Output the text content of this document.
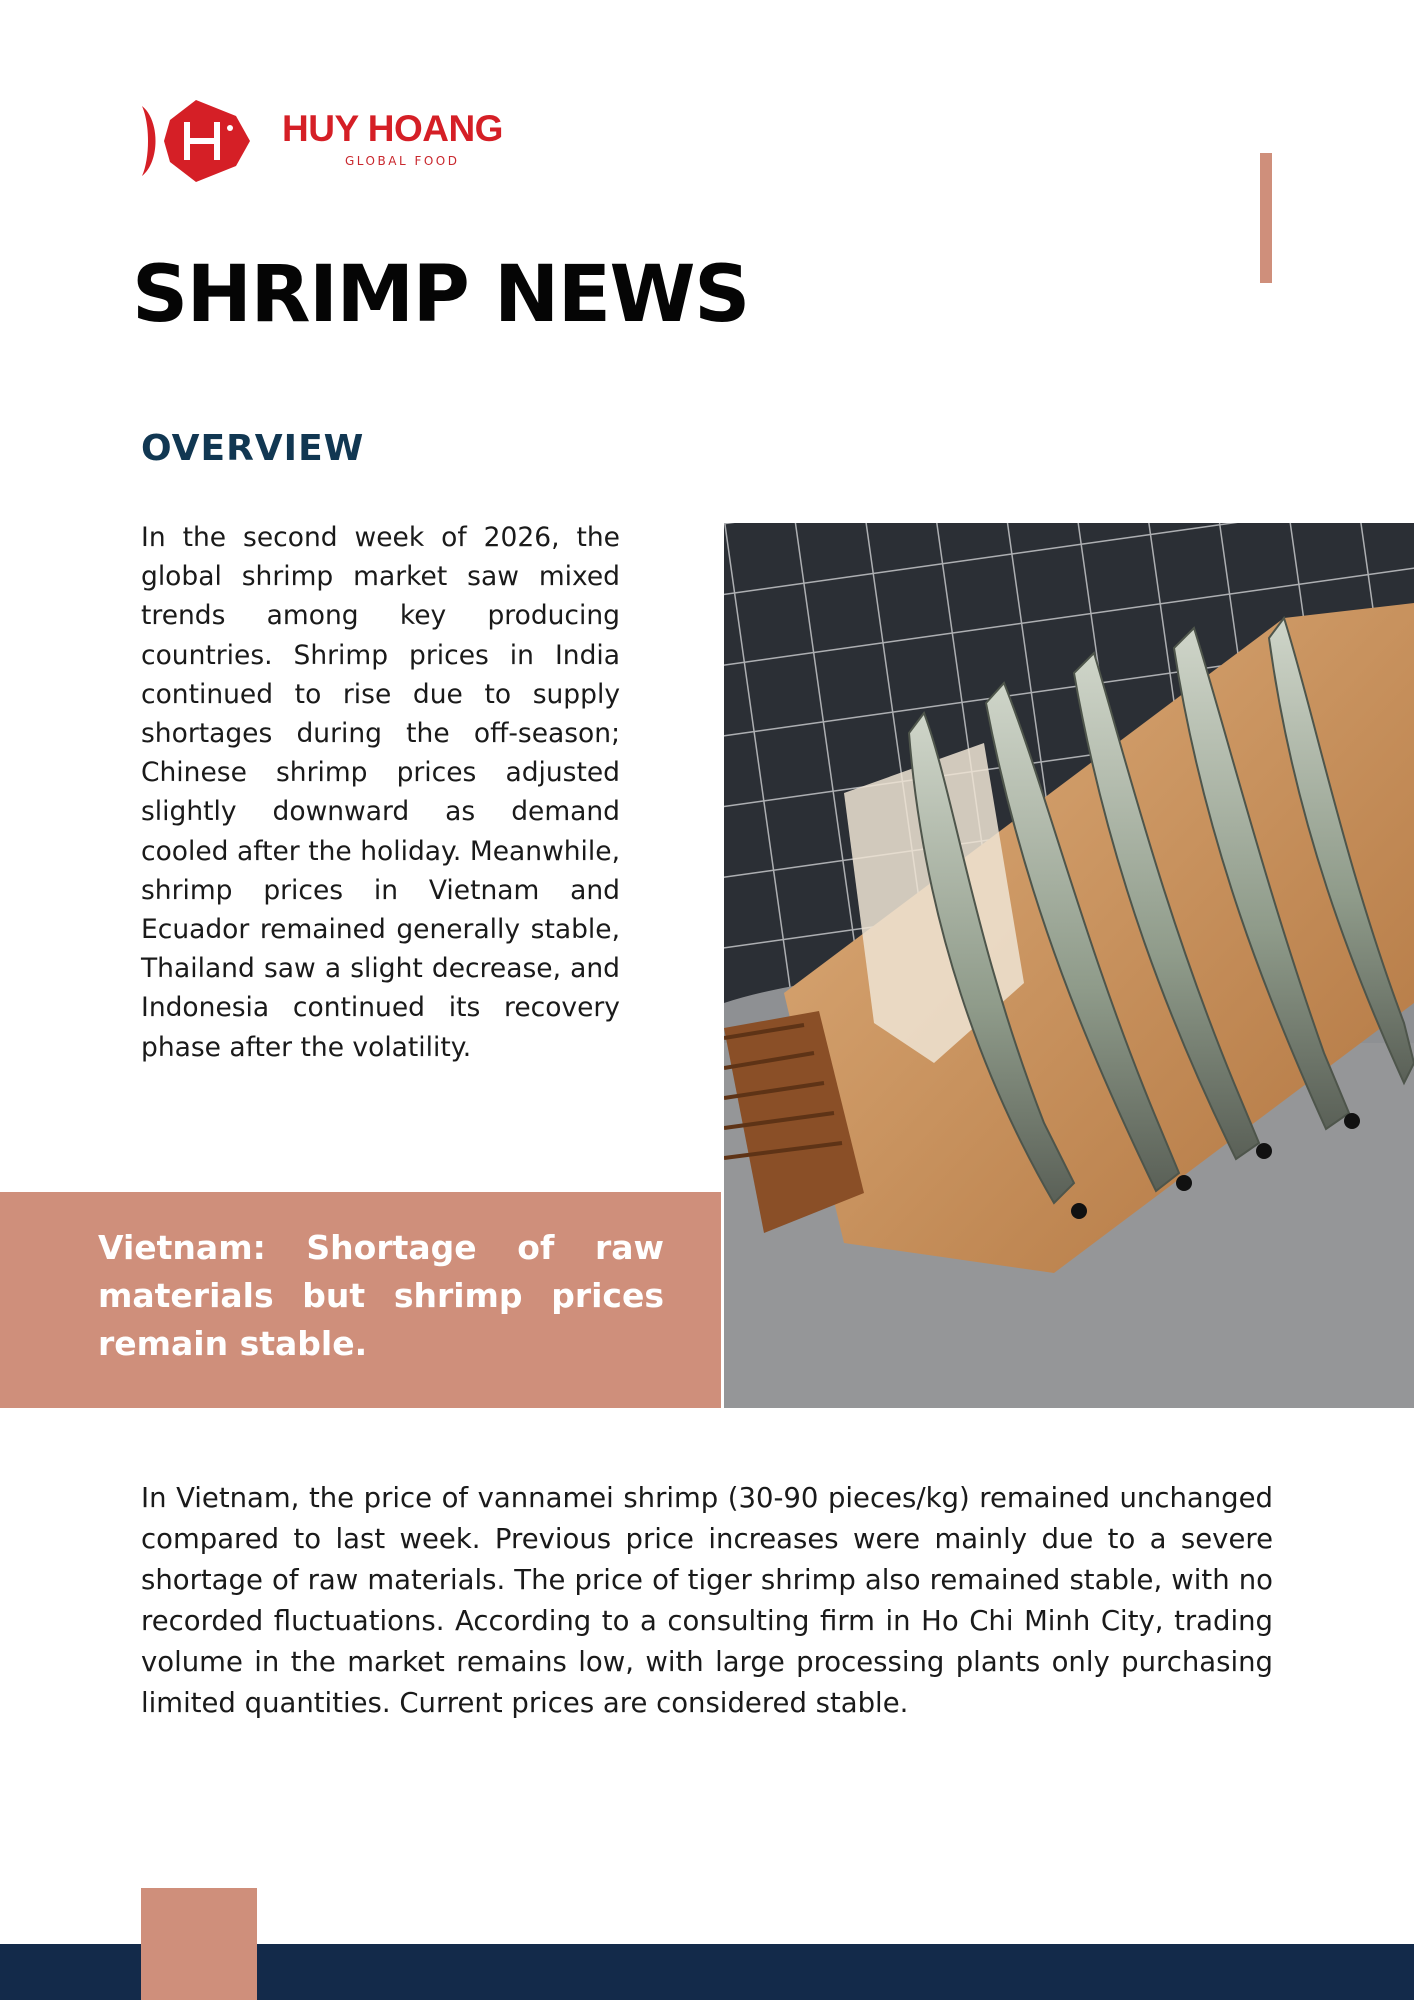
HUY HOANG
GLOBAL FOOD
SHRIMP NEWS
OVERVIEW

In the second week of 2026, the global shrimp market saw mixed trends among key producing countries. Shrimp prices in India continued to rise due to supply shortages during the off-season; Chinese shrimp prices adjusted slightly downward as demand cooled after the holiday. Meanwhile, shrimp prices in Vietnam and Ecuador remained generally stable, Thailand saw a slight decrease, and Indonesia continued its recovery phase after the volatility.

Vietnam: Shortage of raw materials but shrimp prices remain stable.

In Vietnam, the price of vannamei shrimp (30-90 pieces/kg) remained unchanged compared to last week. Previous price increases were mainly due to a severe shortage of raw materials. The price of tiger shrimp also remained stable, with no recorded fluctuations. According to a consulting firm in Ho Chi Minh City, trading volume in the market remains low, with large processing plants only purchasing limited quantities. Current prices are considered stable.
